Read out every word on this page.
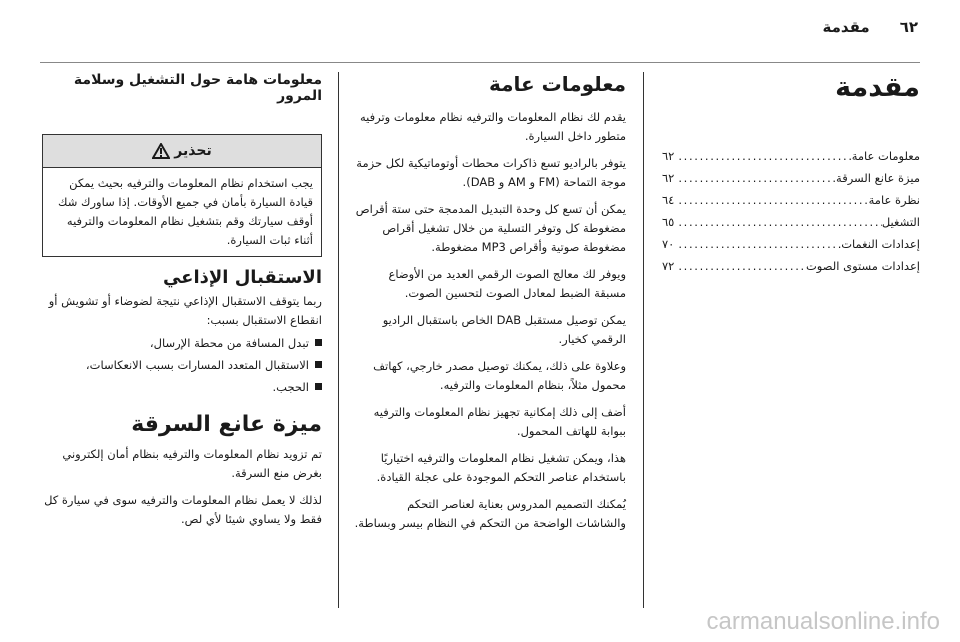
٦٢
مقدمة
مقدمة
معلومات عامة
. . .
٦٢
ميزة عانع السرقة
. . .
٦٢
نظرة عامة
. . .
٦٤
التشغيل
. . .
٦٥
إعدادات النغمات
. . .
٧٠
إعدادات مستوى الصوت
. . .
٧٢
معلومات عامة

يقدم لك نظام المعلومات والترفيه نظام معلومات وترفيه متطور داخل السيارة.

يتوفر بالراديو تسع ذاكرات محطات أوتوماتيكية لكل حزمة موجة التماحة (FM و AM و DAB).

يمكن أن تسع كل وحدة التبديل المدمجة حتى ستة أقراص مضغوطة كل وتوفر التسلية من خلال تشغيل أقراص مضغوطة صوتية وأقراص MP3 مضغوطة.

ويوفر لك معالج الصوت الرقمي العديد من الأوضاع مسبقة الضبط لمعادل الصوت لتحسين الصوت.

يمكن توصيل مستقبل DAB الخاص باستقبال الراديو الرقمي كخيار.

وعلاوة على ذلك، يمكنك توصيل مصدر خارجي، كهاتف محمول مثلاً، بنظام المعلومات والترفيه.

أضف إلى ذلك إمكانية تجهيز نظام المعلومات والترفيه ببوابة للهاتف المحمول.

هذا، ويمكن تشغيل نظام المعلومات والترفيه اختياريًا باستخدام عناصر التحكم الموجودة على عجلة القيادة.

يُمكنك التصميم المدروس بعناية لعناصر التحكم والشاشات الواضحة من التحكم في النظام بيسر وبساطة.

معلومات هامة حول التشغيل وسلامة المرور
تحذير
يجب استخدام نظام المعلومات والترفيه بحيث يمكن قيادة السيارة بأمان في جميع الأوقات. إذا ساورك شك أوقف سيارتك وقم بتشغيل نظام المعلومات والترفيه أثناء ثبات السيارة.
الاستقبال الإذاعي

ربما يتوقف الاستقبال الإذاعي نتيجة لضوضاء أو تشويش أو انقطاع الاستقبال بسبب:

تبدل المسافة من محطة الإرسال،
الاستقبال المتعدد المسارات بسبب الانعكاسات،
الحجب.
ميزة عانع السرقة

تم تزويد نظام المعلومات والترفيه بنظام أمان إلكتروني بغرض منع السرقة.

لذلك لا يعمل نظام المعلومات والترفيه سوى في سيارة كل فقط ولا يساوي شيئا لأي لص.

carmanualsonline.info
